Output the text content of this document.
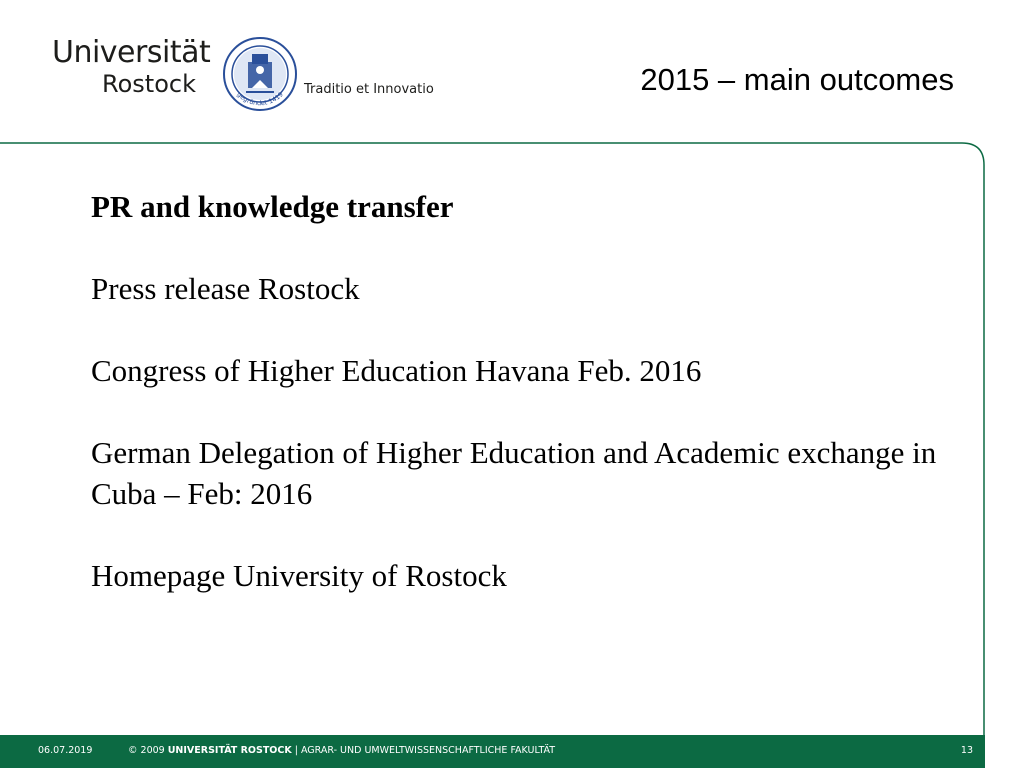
Universität
Rostock	gegründet 1419 Traditio et Innovatio	2015 – main outcomes

PR and knowledge transfer

Press release Rostock

Congress of Higher Education Havana Feb. 2016

German Delegation of Higher Education and Academic exchange in Cuba – Feb: 2016

Homepage University of Rostock

06.07.2019	© 2009 UNIVERSITÄT ROSTOCK | AGRAR- UND UMWELTWISSENSCHAFTLICHE FAKULTÄT	13
